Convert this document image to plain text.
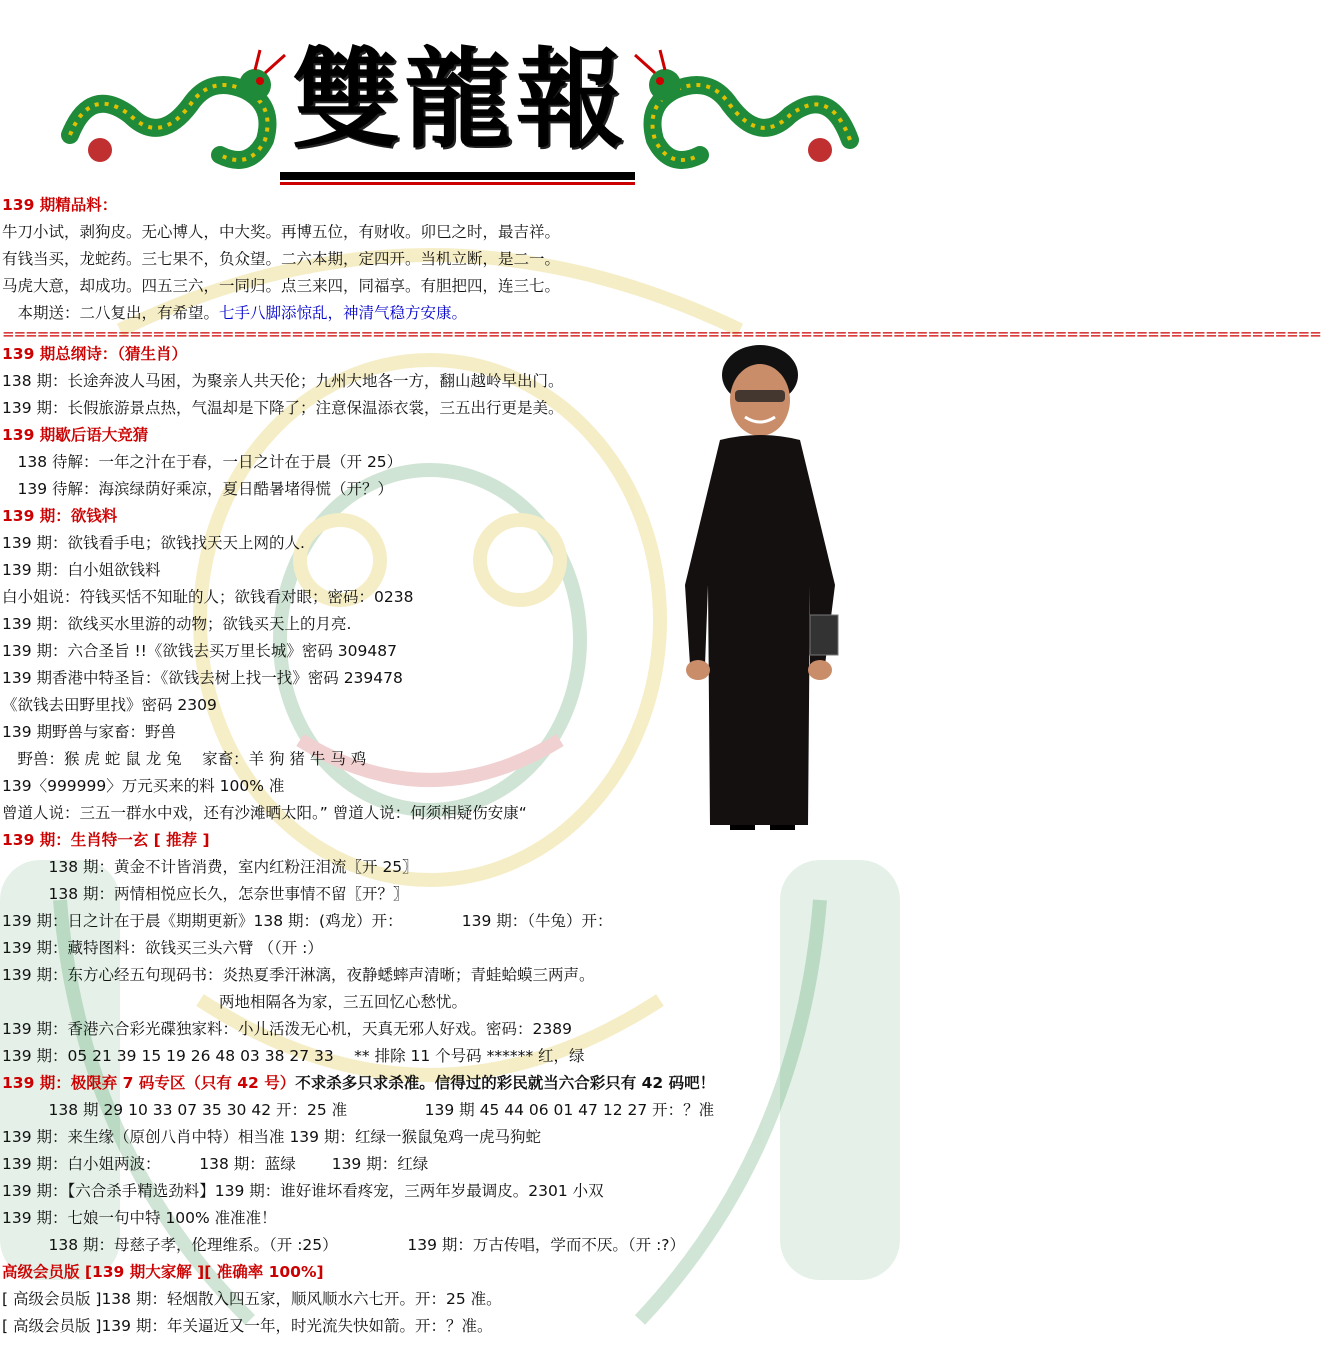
雙龍報
139 期精品料：
牛刀小试，剥狗皮。无心博人，中大奖。再博五位，有财收。卯巳之时，最吉祥。
有钱当买，龙蛇药。三七果不，负众望。二六本期，定四开。当机立断，是二一。
马虎大意，却成功。四五三六，一同归。点三来四，同福享。有胆把四，连三七。
　本期送：二八复出，有希望。七手八脚添惊乱，神清气稳方安康。
==================================================================================================================
139 期总纲诗：（猜生肖）
138 期：长途奔波人马困，为聚亲人共天伦；九州大地各一方，翻山越岭早出门。
139 期：长假旅游景点热，气温却是下降了；注意保温添衣裳，三五出行更是美。
139 期歇后语大竞猜
　138 待解：一年之汁在于春，一日之计在于晨（开 25）
　139 待解：海滨绿荫好乘凉，夏日酷暑堵得慌（开？）
139 期：欲钱料
139 期：欲钱看手电；欲钱找天天上网的人.
139 期：白小姐欲钱料
白小姐说：符钱买恬不知耻的人；欲钱看对眼；密码：0238
139 期：欲线买水里游的动物；欲钱买天上的月亮.
139 期：六合圣旨 !!《欲钱去买万里长城》密码 309487
139 期香港中特圣旨：《欲钱去树上找一找》密码 239478
《欲钱去田野里找》密码 2309
139 期野兽与家畜：野兽
　野兽：猴 虎 蛇 鼠 龙 兔　 家畜：羊 狗 猪 牛 马 鸡
139〈999999〉万元买来的料 100% 准
曾道人说：三五一群水中戏，还有沙滩晒太阳。” 曾道人说：何须相疑伤安康“
139 期：生肖特一玄 [ 推荐 ]
　　　138 期：黄金不计皆消费，室内红粉汪泪流〖开 25〗
　　　138 期：两情相悦应长久，怎奈世事情不留〖开？〗
139 期：日之计在于晨《期期更新》138 期：(鸡龙）开：　　　　 139 期：（牛兔）开：
139 期：藏特图料：欲钱买三头六臂 （（开 :）
139 期：东方心经五句现码书：炎热夏季汗淋漓，夜静蟋蟀声清晰；青蛙蛤蟆三两声。
　　　　　　　　　　　　　　两地相隔各为家，三五回忆心愁忧。
139 期：香港六合彩光碟独家料：小儿活泼无心机，天真无邪人好戏。密码：2389
139 期：05 21 39 15 19 26 48 03 38 27 33　 ** 排除 11 个号码 ****** 红，绿
139 期：极限弃 7 码专区（只有 42 号）不求杀多只求杀准。信得过的彩民就当六合彩只有 42 码吧！
　　　138 期 29 10 33 07 35 30 42 开：25 准　　　　　139 期 45 44 06 01 47 12 27 开：？准
139 期：来生缘（原创八肖中特）相当准 139 期：红绿一猴鼠兔鸡一虎马狗蛇
139 期：白小姐两波：　　　138 期：蓝绿　　 139 期：红绿
139 期：【六合杀手精选劲料】139 期：谁好谁坏看疼宠，三两年岁最调皮。2301 小双
139 期：七娘一句中特 100% 准准准！
　　　138 期：母慈子孝，伦理维系。（开 :25）　　　　　139 期：万古传唱，学而不厌。（开 :?）
高级会员版 [139 期大家解 ][ 准确率 100%]
[ 高级会员版 ]138 期：轻烟散入四五家，顺风顺水六七开。开：25 准。
[ 高级会员版 ]139 期：年关逼近又一年，时光流失快如箭。开：？准。
